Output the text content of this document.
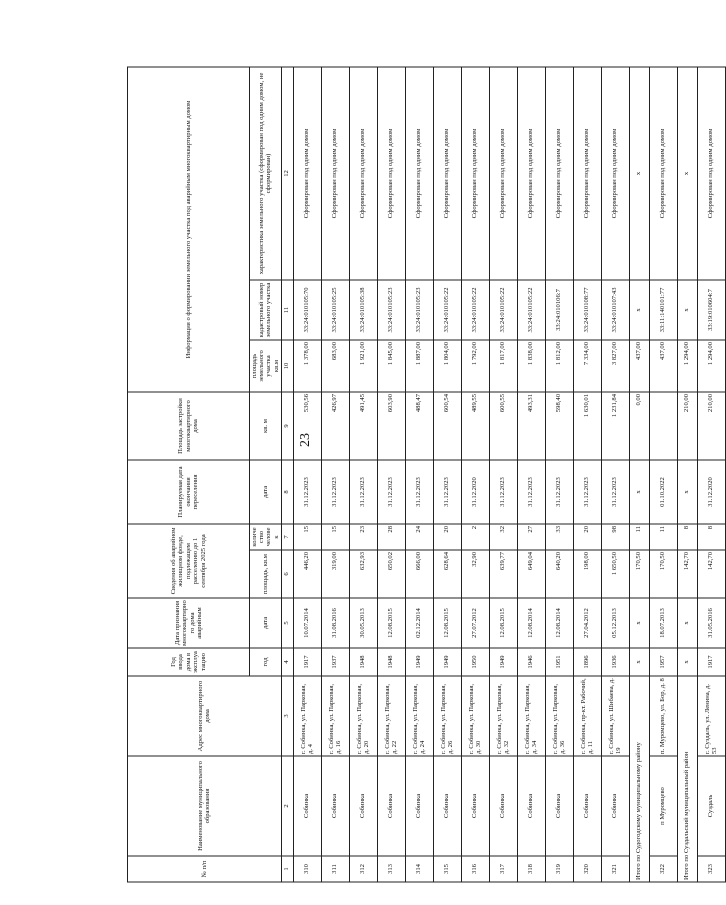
23
№ п/п	Наименование муниципального образования	Адрес многоквартирного дома	Год ввода дома в эксплуатацию	Дата признания многоквартирного дома аварийным	Сведения об аварийном жилищном фонде, подлежащем расселению до 1 сентября 2025 года		Планируемая дата окончания переселения	Площадь застройки многоквартирного дома	Информация о формировании земельного участка под аварийным многоквартирным домом		
			год	дата	площадь, кв.м	количество человек	дата	кв. м	площадь земельного участка
кв.м	кадастровый номер земельного участка	характеристика земельного участка (сформирован под одним домом, не сформирован)
1	2	3	4	5	6	7	8	9	10	11	12
310	Собинка	г. Собинка, ул. Парковая, д. 4	1917	10.07.2014	446,20	15	31.12.2023	530,56	1 378,00	33:24:010105:70	Сформирован под одним домом
311	Собинка	г. Собинка, ул. Парковая, д. 16	1937	31.08.2016	319,00	15	31.12.2023	426,97	683,00	33:24:010105:25	Сформирован под одним домом
312	Собинка	г. Собинка, ул. Парковая, д. 20	1948	30.05.2013	632,93	23	31.12.2023	491,45	1 921,00	33:24:010105:38	Сформирован под одним домом
313	Собинка	г. Собинка, ул. Парковая, д. 22	1948	12.08.2015	650,02	28	31.12.2023	603,90	1 845,00	33:24:010105:23	Сформирован под одним домом
314	Собинка	г. Собинка, ул. Парковая, д. 24	1949	02.12.2014	666,00	24	31.12.2023	488,47	1 887,00	33:24:010105:23	Сформирован под одним домом
315	Собинка	г. Собинка, ул. Парковая, д. 26	1949	12.08.2015	628,64	20	31.12.2023	600,54	1 804,00	33:24:010105:22	Сформирован под одним домом
316	Собинка	г. Собинка, ул. Парковая, д. 30	1950	27.07.2012	32,90	2	31.12.2020	489,55	1 792,00	33:24:010105:22	Сформирован под одним домом
317	Собинка	г. Собинка, ул. Парковая, д. 32	1949	12.08.2015	639,77	32	31.12.2023	600,55	1 817,00	33:24:010105:22	Сформирован под одним домом
318	Собинка	г. Собинка, ул. Парковая, д. 34	1946	12.08.2014	649,04	27	31.12.2023	493,31	1 838,00	33:24:010105:22	Сформирован под одним домом
319	Собинка	г. Собинка, ул. Парковая, д. 36	1951	12.08.2014	640,20	33	31.12.2023	598,40	1 812,00	33:24:010106:7	Сформирован под одним домом
320	Собинка	г. Собинка, пр-кт. Рабочий, д. 11	1896	27.04.2012	198,00	20	31.12.2023	1 630,01	7 334,00	33:24:010108:77	Сформирован под одним домом
321	Собинка	г. Собинка, ул. Шибаева, д. 19	1936	05.12.2013	1 650,50	98	31.12.2023	1 231,84	3 827,00	33:24:010107:43	Сформирован под одним домом
Итого по Судогодскому муниципальному району			x	x	170,50	11	x	0,00	437,00	x	x
322	п Муромцево	п. Муромцево, ул. Бор, д. 8	1957	18.07.2013	170,50	11	01.10.2022		437,00	33:11:140101:77	Сформирован под одним домом
Итого по Суздальский муниципальный район			x	x	142,70	8	x	210,00	1 294,00	x	x
323	Суздаль	г. Суздаль, ул. Ленина, д. 53	1917	31.05.2016	142,70	8	31.12.2020	210,00	1 294,00	33:19:010604:7	Сформирован под одним домом
